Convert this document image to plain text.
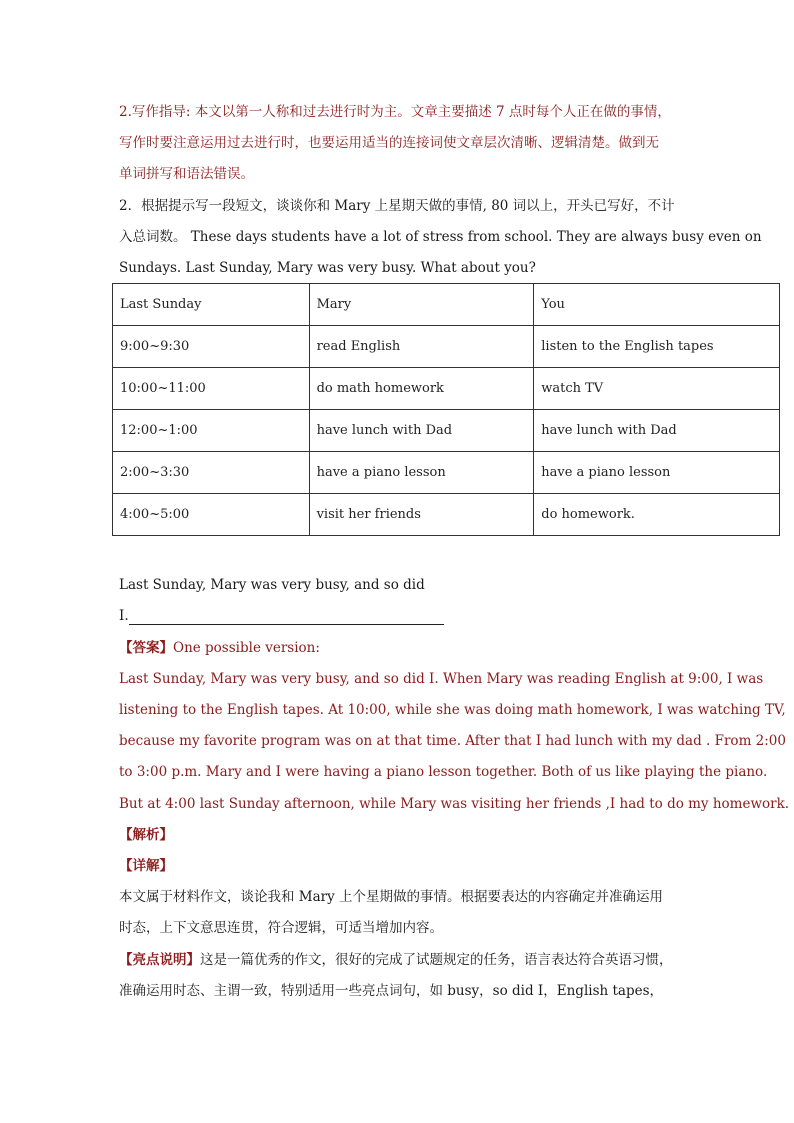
2.写作指导: 本文以第一人称和过去进行时为主。文章主要描述 7 点时每个人正在做的事情，
写作时要注意运用过去进行时，也要运用适当的连接词使文章层次清晰、逻辑清楚。做到无
单词拼写和语法错误。
2．根据提示写一段短文，谈谈你和 Mary 上星期天做的事情, 80 词以上，开头已写好，不计
入总词数。 These days students have a lot of stress from school. They are always busy even on
Sundays. Last Sunday, Mary was very busy. What about you?
Last Sunday	Mary	You
9:00~9:30	read English	listen to the English tapes
10:00~11:00	do math homework	watch TV
12:00~1:00	have lunch with Dad	have lunch with Dad
2:00~3:30	have a piano lesson	have a piano lesson
4:00~5:00	visit her friends	do homework.
Last Sunday, Mary was very busy, and so did
I.
【答案】One possible version:
Last Sunday, Mary was very busy, and so did I. When Mary was reading English at 9:00, I was
listening to the English tapes. At 10:00, while she was doing math homework, I was watching TV,
because my favorite program was on at that time. After that I had lunch with my dad . From 2:00
to 3:00 p.m. Mary and I were having a piano lesson together. Both of us like playing the piano.
But at 4:00 last Sunday afternoon, while Mary was visiting her friends ,I had to do my homework.
【解析】
【详解】
本文属于材料作文，谈论我和 Mary 上个星期做的事情。根据要表达的内容确定并准确运用
时态，上下文意思连贯，符合逻辑，可适当增加内容。
【亮点说明】这是一篇优秀的作文，很好的完成了试题规定的任务，语言表达符合英语习惯，
准确运用时态、主谓一致，特别适用一些亮点词句，如 busy，so did I，English tapes，
